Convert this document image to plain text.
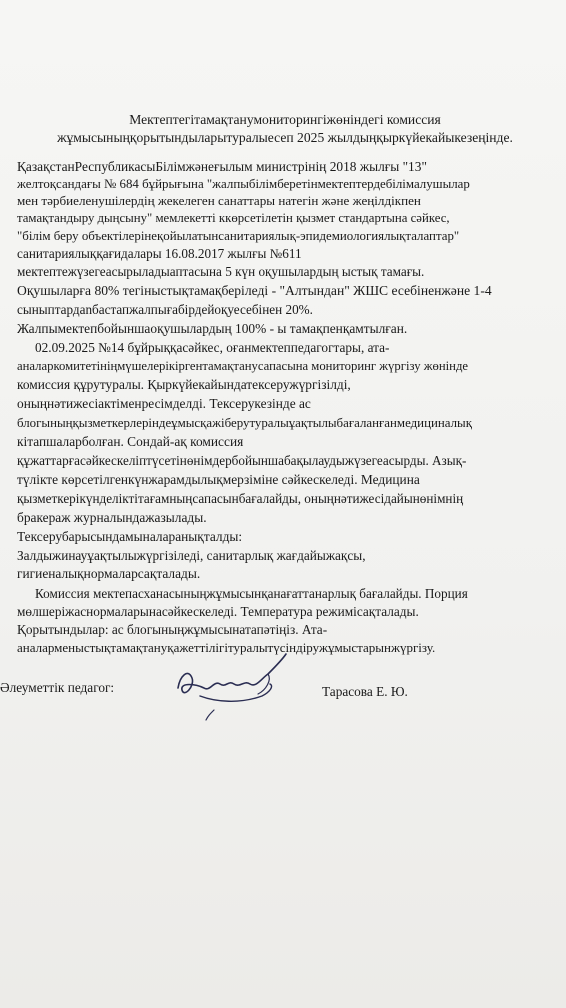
Мектептегітамақтанумониторингіжөніндегі комиссия
жұмысыныңқорытындыларытуралыесеп 2025 жылдыңқыркүйекайыкезеңінде.
ҚазақстанРеспубликасыБілімжәнеғылым министрінің 2018 жылғы "13"
желтоқсандағы № 684 бұйрығына "жалпыбілімберетінмектептердебілімалушылар
мен тәрбиеленушілердің жекелеген санаттары натегін және жеңілдікпен
тамақтандыру дыңсыну" мемлекетті ккөрсетілетін қызмет стандартына сәйкес,
"білім беру объектілерінеқойылатынсанитариялық-эпидемиологиялықталаптар"
санитариялыққағидалары 16.08.2017 жылғы №611
мектептежүзегеасырыладыаптасына 5 күн оқушылардың ыстық тамағы.
Оқушыларға 80% тегіныстықтамақберіледі - "Алтындан" ЖШС есебіненжәне 1-4
сыныптардanбастапжалпығабірдейоқуесебінен 20%.
Жалпымектепбойыншаоқушылардың 100% - ы тамақпенқамтылған.
02.09.2025 №14 бұйрыққасәйкес, оғанмектеппедагогтары, ата-
аналаркомитетініңмүшелерікіргентамақтанусапасына мониторинг жүргізу жөнінде
комиссия құрутуралы. Қыркүйекайындатексеружүргізілді,
оныңнәтижесіактіменресімделді. Тексерукезінде ас
блогыныңқызметкерлеріндеұмысқажіберутуралыұақтылыбағаланғанмедициналық
кітапшаларболған. Сондай-ақ комиссия
құжаттарғасәйкескелiптүсетінөнімдербойыншабақылаудыжүзегеасырды. Азық-
түлікте көрсетілгенкүнжарамдылықмерзіміне сәйкескеледі. Медицина
қызметкерікүнделіктітағамныңсапасынбағалайды, оныңнәтижесідайынөнімнің
бракераж журналындажазылады.
Тексерубарысындамыналаранықталды:
Залдыжинауұақтылыжүргізіледі, санитарлық жағдайыжақсы,
гигиеналықнормаларсақталады.
Комиссия мектепасханасыныңжұмысынқанағаттанарлық бағалайды. Порция
мөлшеріжаснормаларынасәйкескеледі. Температура режимісақталады.
Қорытындылар: ас блогыныңжұмысынатапәтіңіз. Ата-
аналарменыстықтамақтануқажеттілігітуралытүсіндіружұмыстарынжүргізу.
Әлеуметтік педагог:	Тарасова Е. Ю.
